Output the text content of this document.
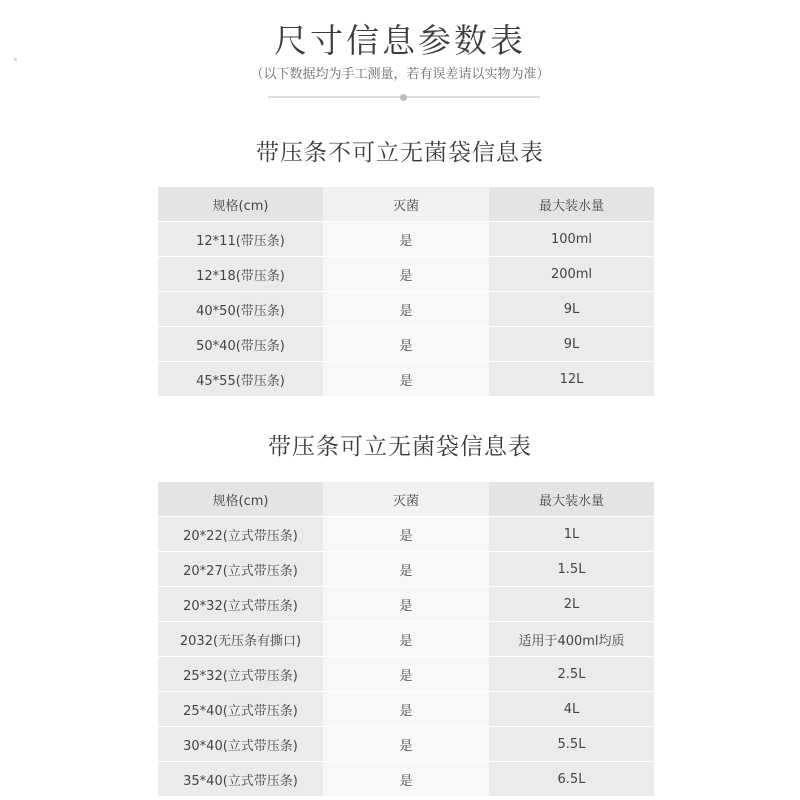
尺寸信息参数表
（以下数据均为手工测量，若有误差请以实物为准）
带压条不可立无菌袋信息表
规格(cm)	灭菌	最大装水量
12*11(带压条)	是	100ml
12*18(带压条)	是	200ml
40*50(带压条)	是	9L
50*40(带压条)	是	9L
45*55(带压条)	是	12L
带压条可立无菌袋信息表
规格(cm)	灭菌	最大装水量
20*22(立式带压条)	是	1L
20*27(立式带压条)	是	1.5L
20*32(立式带压条)	是	2L
2032(无压条有撕口)	是	适用于400ml均质
25*32(立式带压条)	是	2.5L
25*40(立式带压条)	是	4L
30*40(立式带压条)	是	5.5L
35*40(立式带压条)	是	6.5L
